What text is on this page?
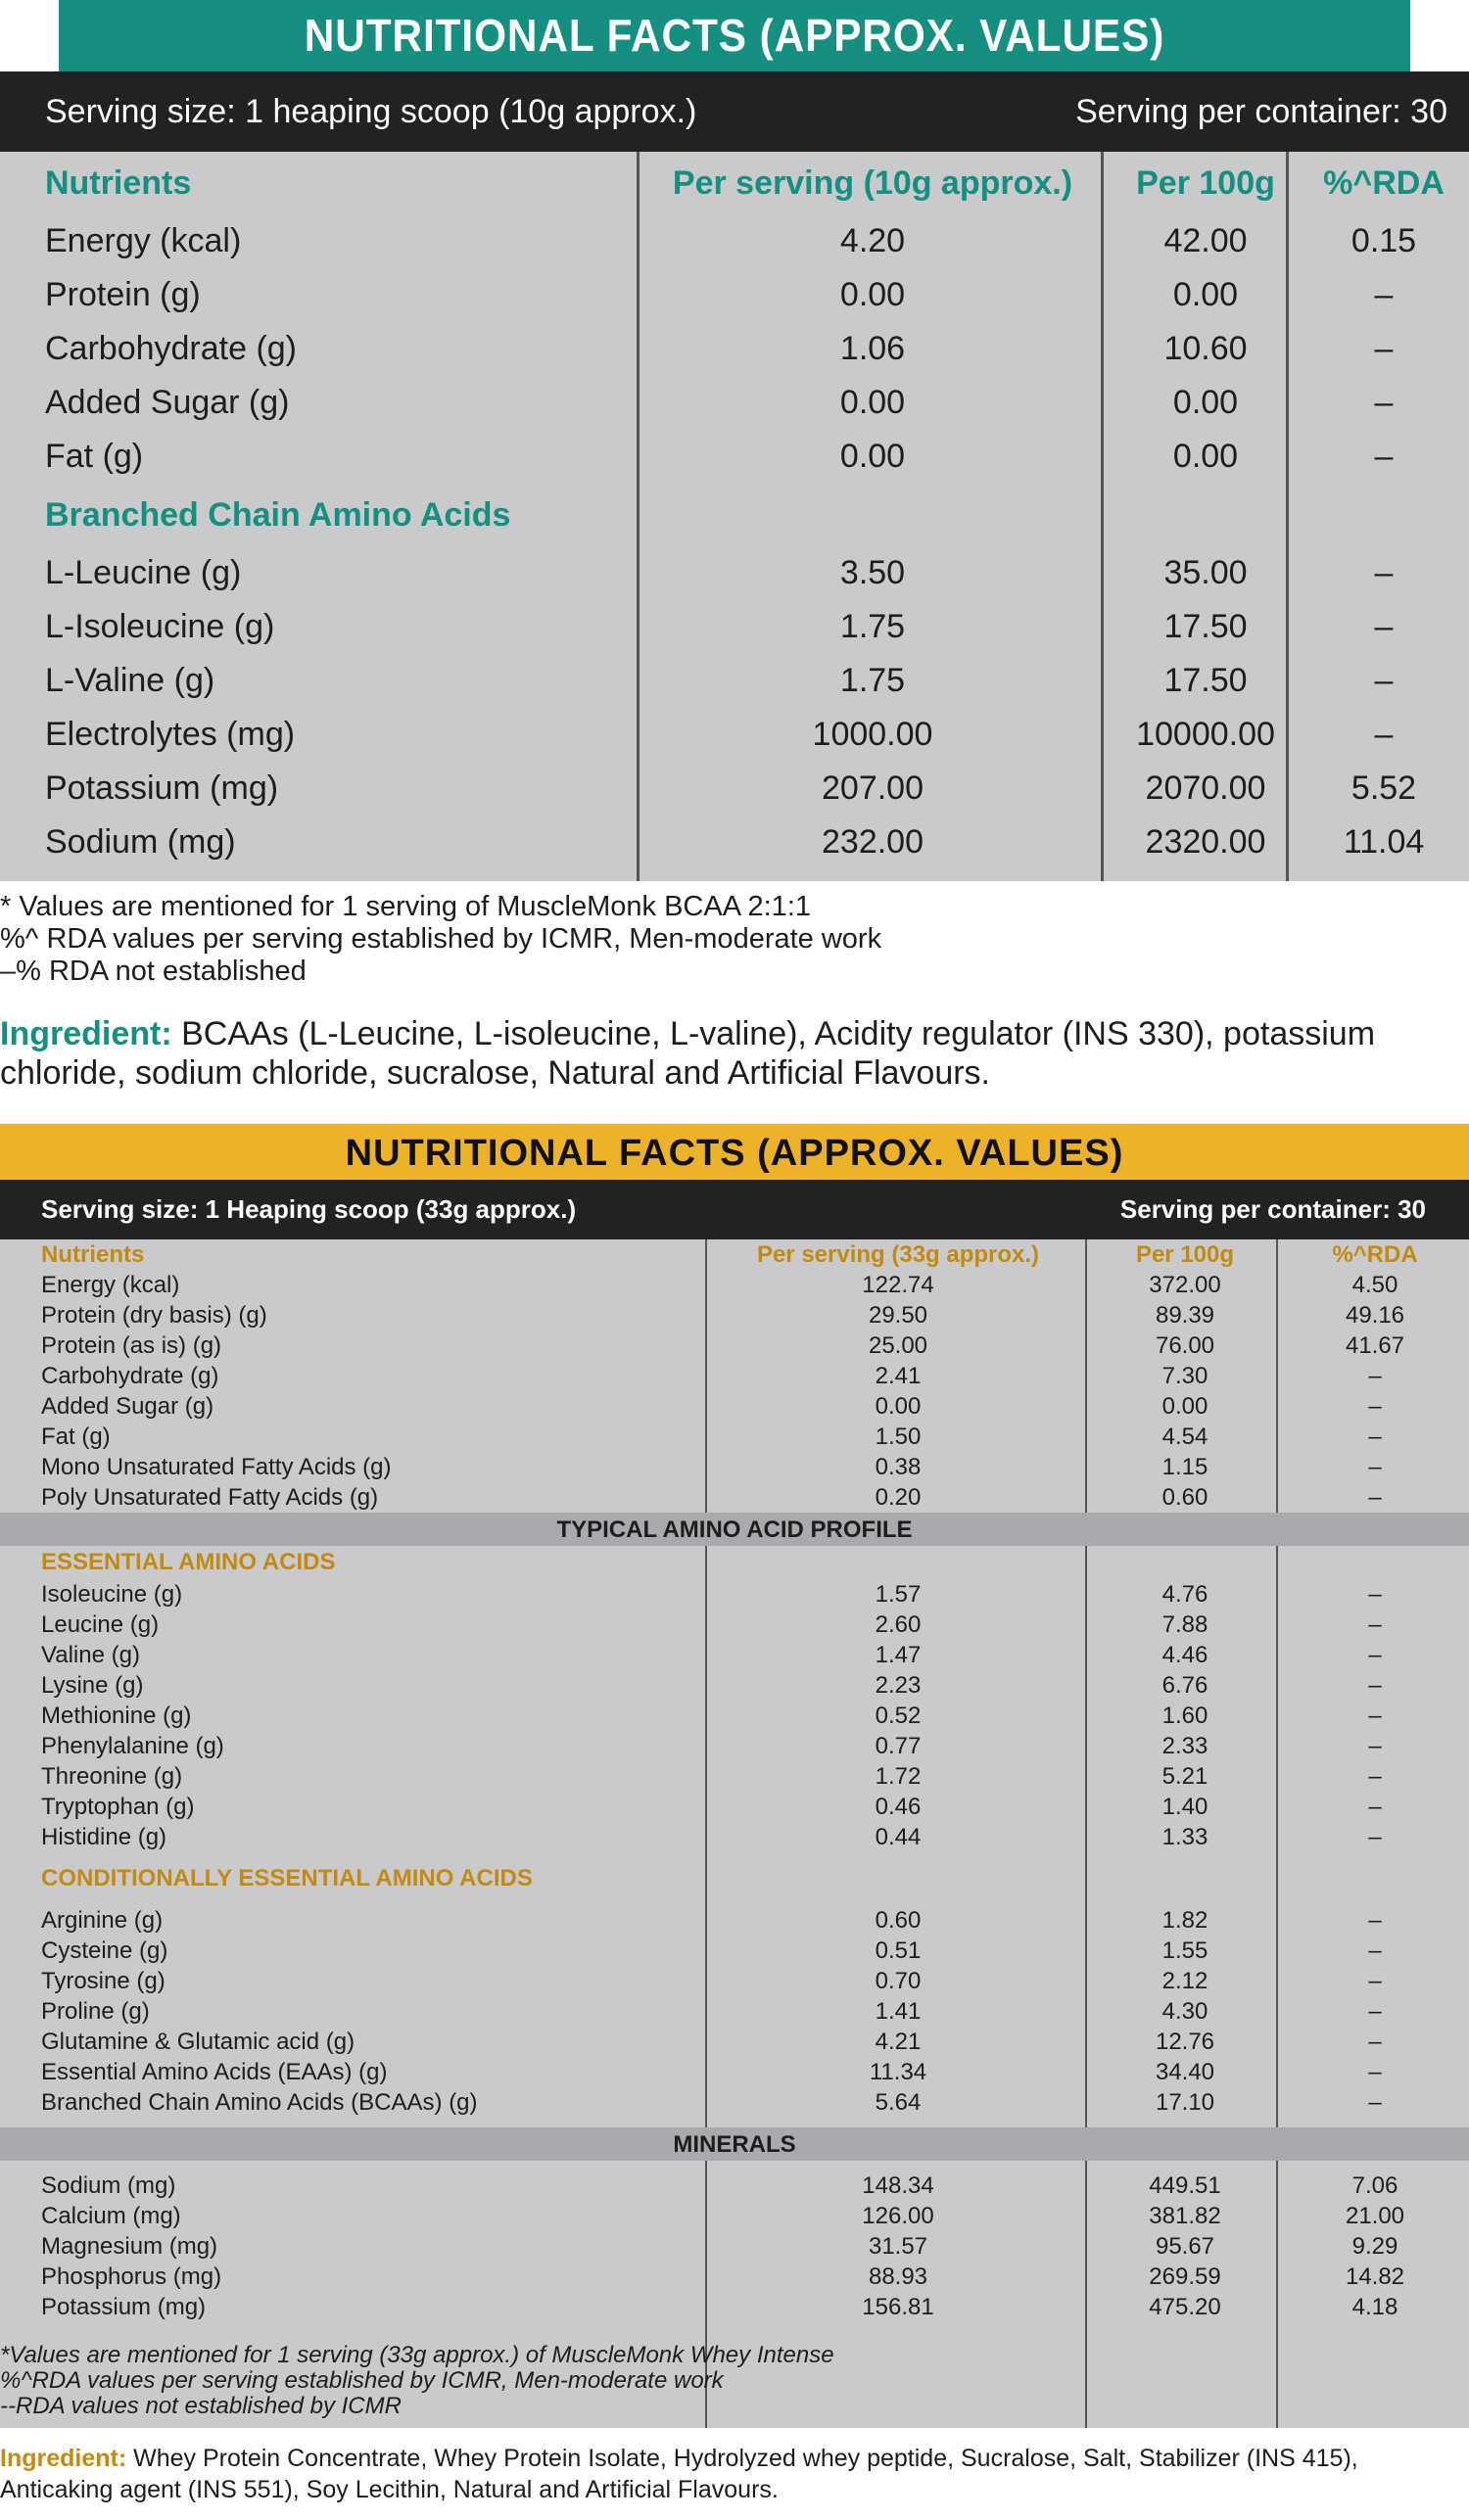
NUTRITIONAL FACTS (APPROX. VALUES)
Serving size: 1 heaping scoop (10g approx.)	Serving per container: 30
Nutrients	Per serving (10g approx.)	Per 100g	%^RDA
Energy (kcal)	4.20	42.00	0.15
Protein (g)	0.00	0.00	–
Carbohydrate (g)	1.06	10.60	–
Added Sugar (g)	0.00	0.00	–
Fat (g)	0.00	0.00	–
Branched Chain Amino Acids			
L-Leucine (g)	3.50	35.00	–
L-Isoleucine (g)	1.75	17.50	–
L-Valine (g)	1.75	17.50	–
Electrolytes (mg)	1000.00	10000.00	–
Potassium (mg)	207.00	2070.00	5.52
Sodium (mg)	232.00	2320.00	11.04
* Values are mentioned for 1 serving of MuscleMonk BCAA 2:1:1
%^ RDA values per serving established by ICMR, Men-moderate work
–% RDA not established
Ingredient: BCAAs (L-Leucine, L-isoleucine, L-valine), Acidity regulator (INS 330), potassium chloride, sodium chloride, sucralose, Natural and Artificial Flavours.
NUTRITIONAL FACTS (APPROX. VALUES)
Serving size: 1 Heaping scoop (33g approx.)	Serving per container: 30
Nutrients	Per serving (33g approx.)	Per 100g	%^RDA
Energy (kcal)	122.74	372.00	4.50
Protein (dry basis) (g)	29.50	89.39	49.16
Protein (as is) (g)	25.00	76.00	41.67
Carbohydrate (g)	2.41	7.30	–
Added Sugar (g)	0.00	0.00	–
Fat (g)	1.50	4.54	–
Mono Unsaturated Fatty Acids (g)	0.38	1.15	–
Poly Unsaturated Fatty Acids (g)	0.20	0.60	–
TYPICAL AMINO ACID PROFILE			
ESSENTIAL AMINO ACIDS			
Isoleucine (g)	1.57	4.76	–
Leucine (g)	2.60	7.88	–
Valine (g)	1.47	4.46	–
Lysine (g)	2.23	6.76	–
Methionine (g)	0.52	1.60	–
Phenylalanine (g)	0.77	2.33	–
Threonine (g)	1.72	5.21	–
Tryptophan (g)	0.46	1.40	–
Histidine (g)	0.44	1.33	–

CONDITIONALLY ESSENTIAL AMINO ACIDS			

Arginine (g)	0.60	1.82	–
Cysteine (g)	0.51	1.55	–
Tyrosine (g)	0.70	2.12	–
Proline (g)	1.41	4.30	–
Glutamine & Glutamic acid (g)	4.21	12.76	–
Essential Amino Acids (EAAs) (g)	11.34	34.40	–
Branched Chain Amino Acids (BCAAs) (g)	5.64	17.10	–

MINERALS			

Sodium (mg)	148.34	449.51	7.06
Calcium (mg)	126.00	381.82	21.00
Magnesium (mg)	31.57	95.67	9.29
Phosphorus (mg)	88.93	269.59	14.82
Potassium (mg)	156.81	475.20	4.18
*Values are mentioned for 1 serving (33g approx.) of MuscleMonk Whey Intense
%^RDA values per serving established by ICMR, Men-moderate work
--RDA values not established by ICMR
Ingredient: Whey Protein Concentrate, Whey Protein Isolate, Hydrolyzed whey peptide, Sucralose, Salt, Stabilizer (INS 415), Anticaking agent (INS 551), Soy Lecithin, Natural and Artificial Flavours.
